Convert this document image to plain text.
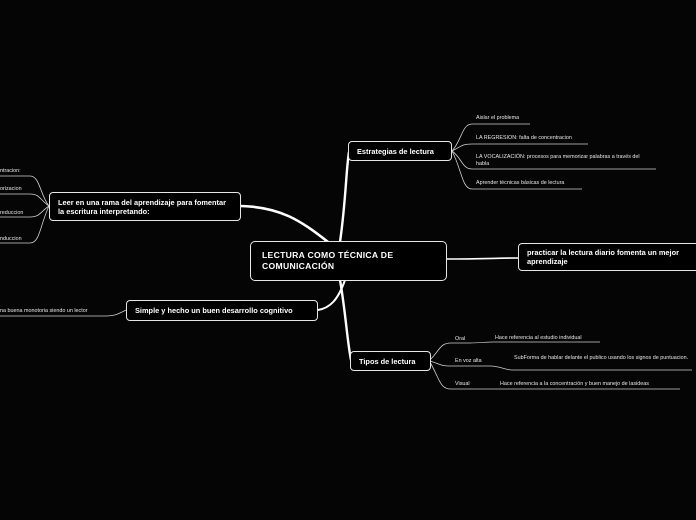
LECTURA COMO TÉCNICA DE COMUNICACIÓN
Estrategias de lectura
Aislar el problema
LA REGRESION: falta de concentracion
LA VOCALIZACIÓN: procesos para memorizar palabras a través del habla
Aprender técnicas básicas de lectura
practicar la lectura diario fomenta un mejor aprendizaje
Tipos de lectura
Oral	Hace referencia al estudio individual
En voz alta	SubForma de hablar delante el publico usando los signos de puntuacion.
Visual	Hace referencia a la concentración y buen manejo de lasideas
Leer en una rama del aprendizaje para fomentar la escritura interpretando:
ntracion:
orizacion
reduccion
nduccion
Simple y hecho un buen desarrollo cognitivo
na buena monotoria siendo un lector
